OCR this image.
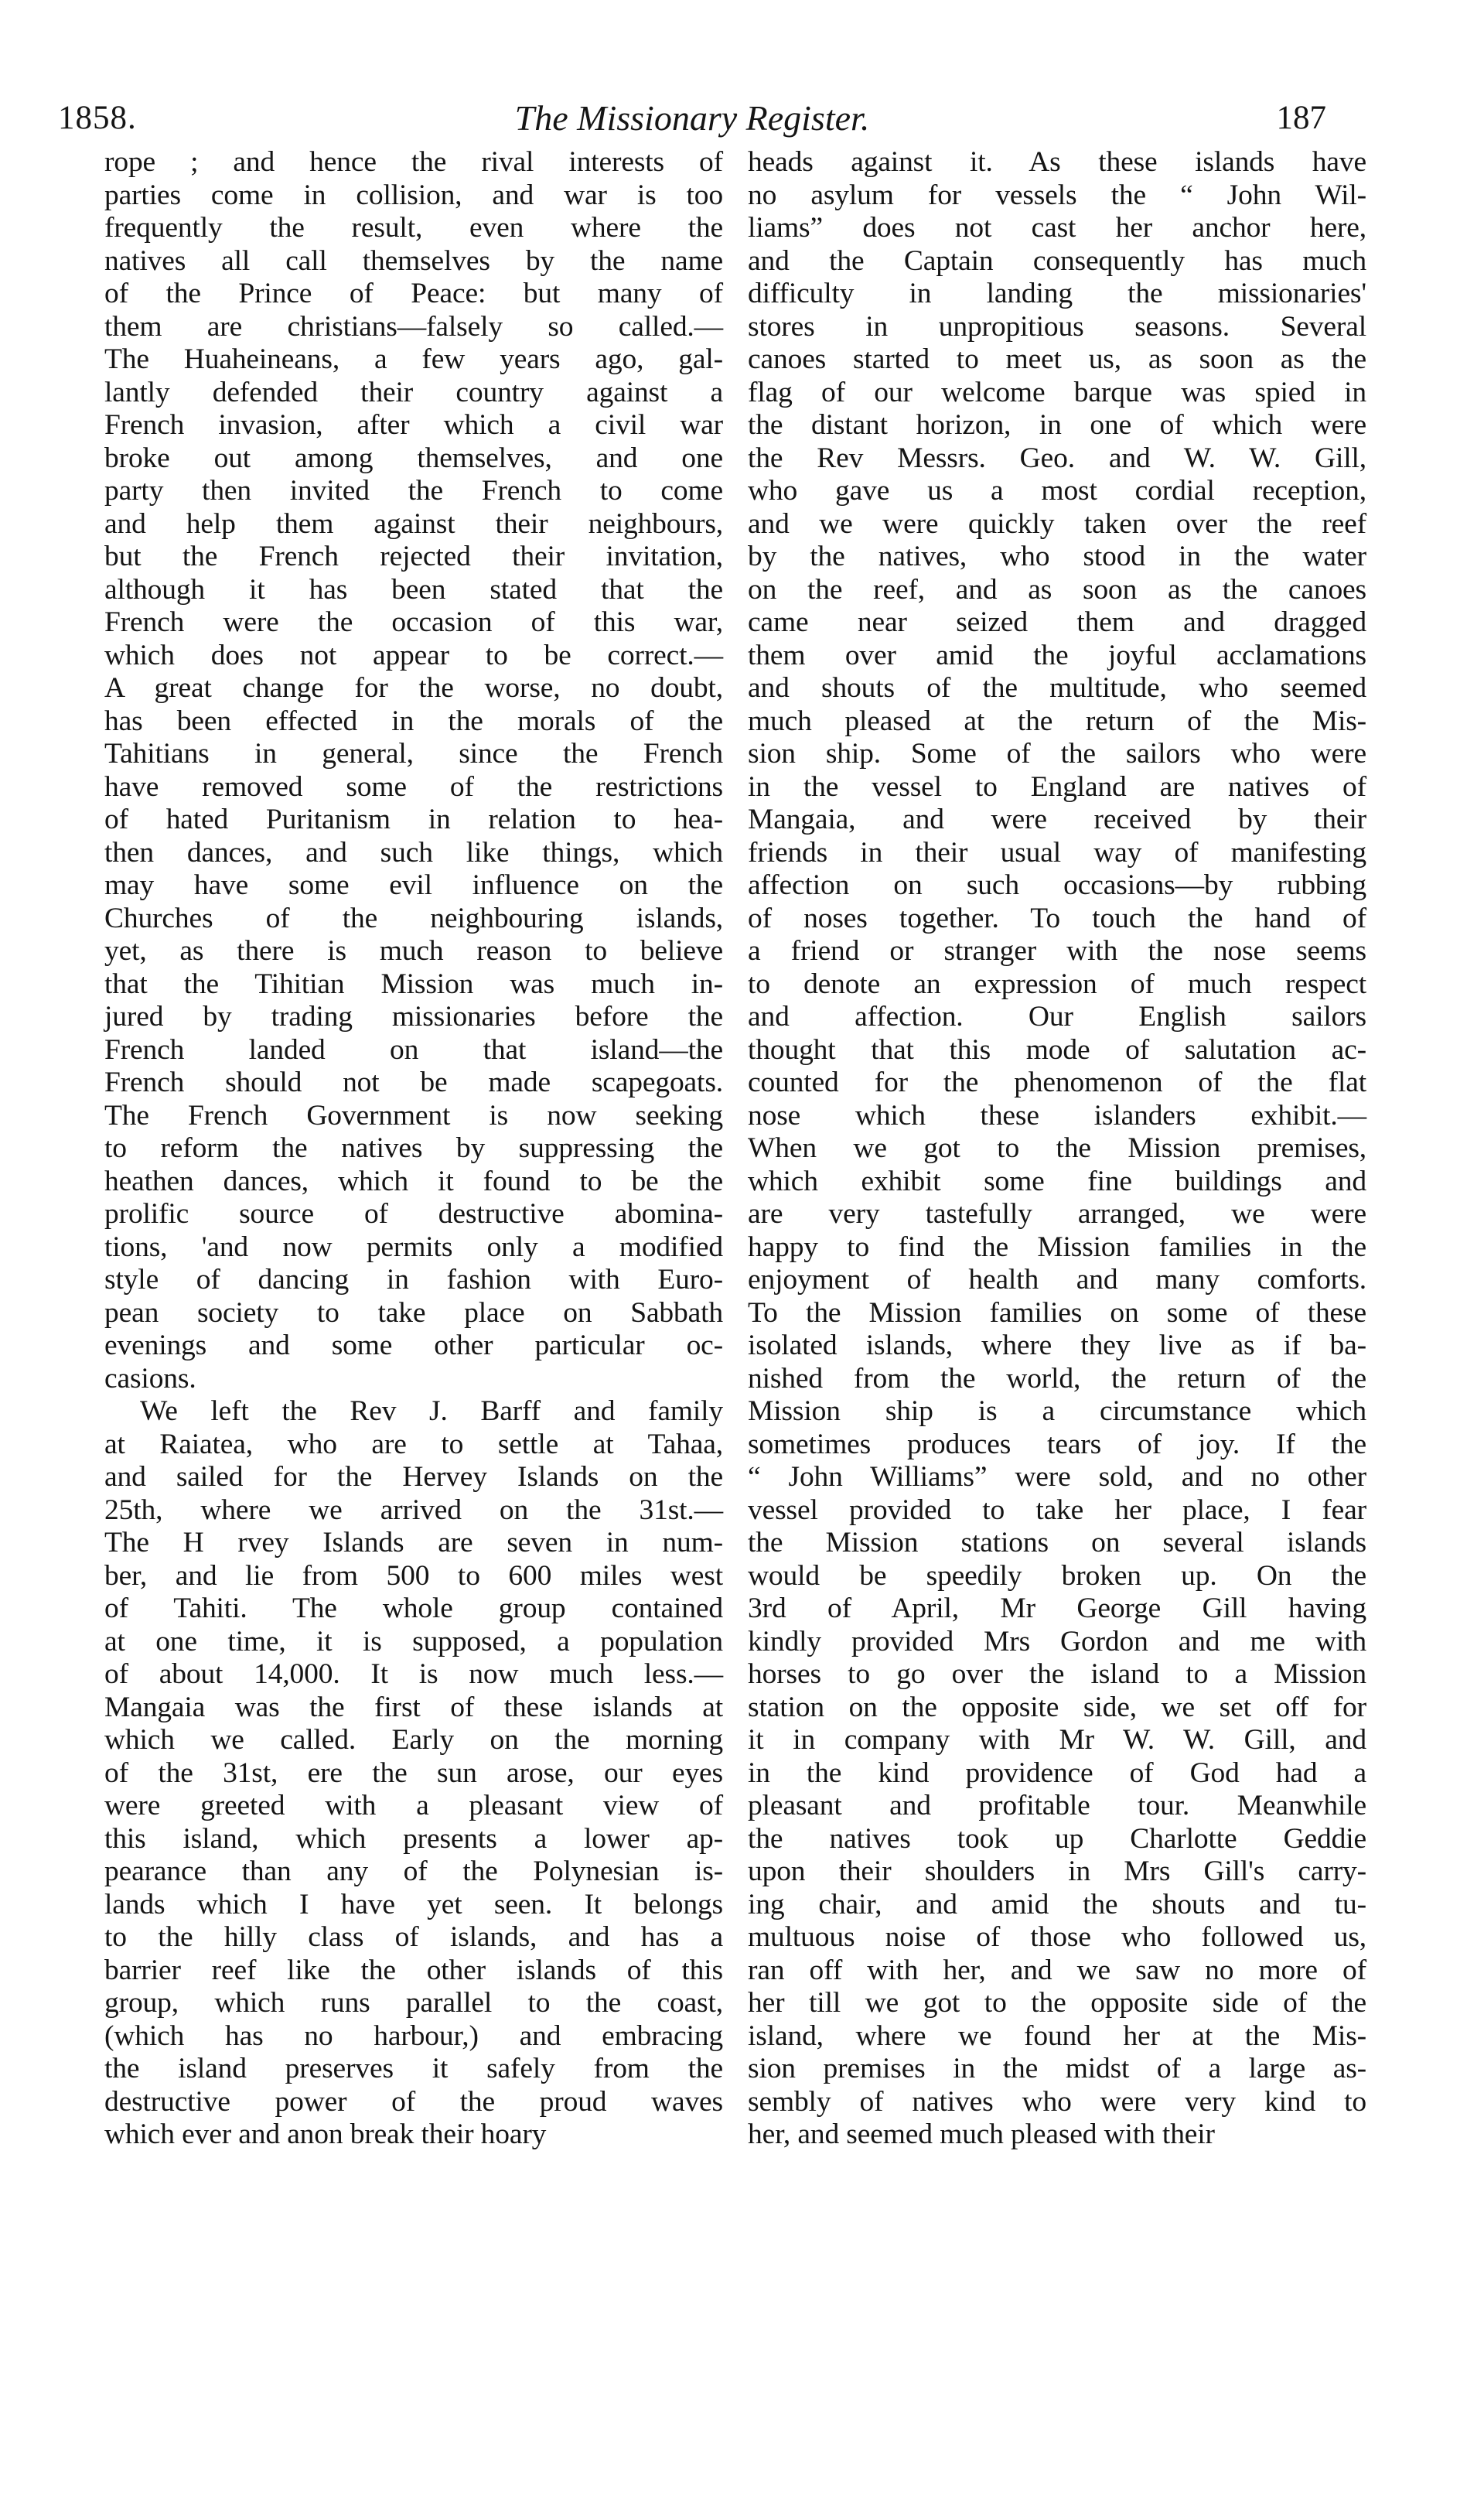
1858.	The Missionary Register.	187
rope ; and hence the rival interests of
parties come in collision, and war is too
frequently the result, even where the
natives all call themselves by the name
of the Prince of Peace: but many of
them are christians—falsely so called.—
The Huaheineans, a few years ago, gal-
lantly defended their country against a
French invasion, after which a civil war
broke out among themselves, and one
party then invited the French to come
and help them against their neighbours,
but the French rejected their invitation,
although it has been stated that the
French were the occasion of this war,
which does not appear to be correct.—
A great change for the worse, no doubt,
has been effected in the morals of the
Tahitians in general, since the French
have removed some of the restrictions
of hated Puritanism in relation to hea-
then dances, and such like things, which
may have some evil influence on the
Churches of the neighbouring islands,
yet, as there is much reason to believe
that the Tihitian Mission was much in-
jured by trading missionaries before the
French landed on that island—the
French should not be made scapegoats.
The French Government is now seeking
to reform the natives by suppressing the
heathen dances, which it found to be the
prolific source of destructive abomina-
tions, 'and now permits only a modified
style of dancing in fashion with Euro-
pean society to take place on Sabbath
evenings and some other particular oc-
casions.
We left the Rev J. Barff and family
at Raiatea, who are to settle at Tahaa,
and sailed for the Hervey Islands on the
25th, where we arrived on the 31st.—
The H rvey Islands are seven in num-
ber, and lie from 500 to 600 miles west
of Tahiti. The whole group contained
at one time, it is supposed, a population
of about 14,000. It is now much less.—
Mangaia was the first of these islands at
which we called. Early on the morning
of the 31st, ere the sun arose, our eyes
were greeted with a pleasant view of
this island, which presents a lower ap-
pearance than any of the Polynesian is-
lands which I have yet seen. It belongs
to the hilly class of islands, and has a
barrier reef like the other islands of this
group, which runs parallel to the coast,
(which has no harbour,) and embracing
the island preserves it safely from the
destructive power of the proud waves
which ever and anon break their hoary
heads against it. As these islands have
no asylum for vessels the “ John Wil-
liams” does not cast her anchor here,
and the Captain consequently has much
difficulty in landing the missionaries'
stores in unpropitious seasons. Several
canoes started to meet us, as soon as the
flag of our welcome barque was spied in
the distant horizon, in one of which were
the Rev Messrs. Geo. and W. W. Gill,
who gave us a most cordial reception,
and we were quickly taken over the reef
by the natives, who stood in the water
on the reef, and as soon as the canoes
came near seized them and dragged
them over amid the joyful acclamations
and shouts of the multitude, who seemed
much pleased at the return of the Mis-
sion ship. Some of the sailors who were
in the vessel to England are natives of
Mangaia, and were received by their
friends in their usual way of manifesting
affection on such occasions—by rubbing
of noses together. To touch the hand of
a friend or stranger with the nose seems
to denote an expression of much respect
and affection. Our English sailors
thought that this mode of salutation ac-
counted for the phenomenon of the flat
nose which these islanders exhibit.—
When we got to the Mission premises,
which exhibit some fine buildings and
are very tastefully arranged, we were
happy to find the Mission families in the
enjoyment of health and many comforts.
To the Mission families on some of these
isolated islands, where they live as if ba-
nished from the world, the return of the
Mission ship is a circumstance which
sometimes produces tears of joy. If the
“ John Williams” were sold, and no other
vessel provided to take her place, I fear
the Mission stations on several islands
would be speedily broken up. On the
3rd of April, Mr George Gill having
kindly provided Mrs Gordon and me with
horses to go over the island to a Mission
station on the opposite side, we set off for
it in company with Mr W. W. Gill, and
in the kind providence of God had a
pleasant and profitable tour. Meanwhile
the natives took up Charlotte Geddie
upon their shoulders in Mrs Gill's carry-
ing chair, and amid the shouts and tu-
multuous noise of those who followed us,
ran off with her, and we saw no more of
her till we got to the opposite side of the
island, where we found her at the Mis-
sion premises in the midst of a large as-
sembly of natives who were very kind to
her, and seemed much pleased with their
